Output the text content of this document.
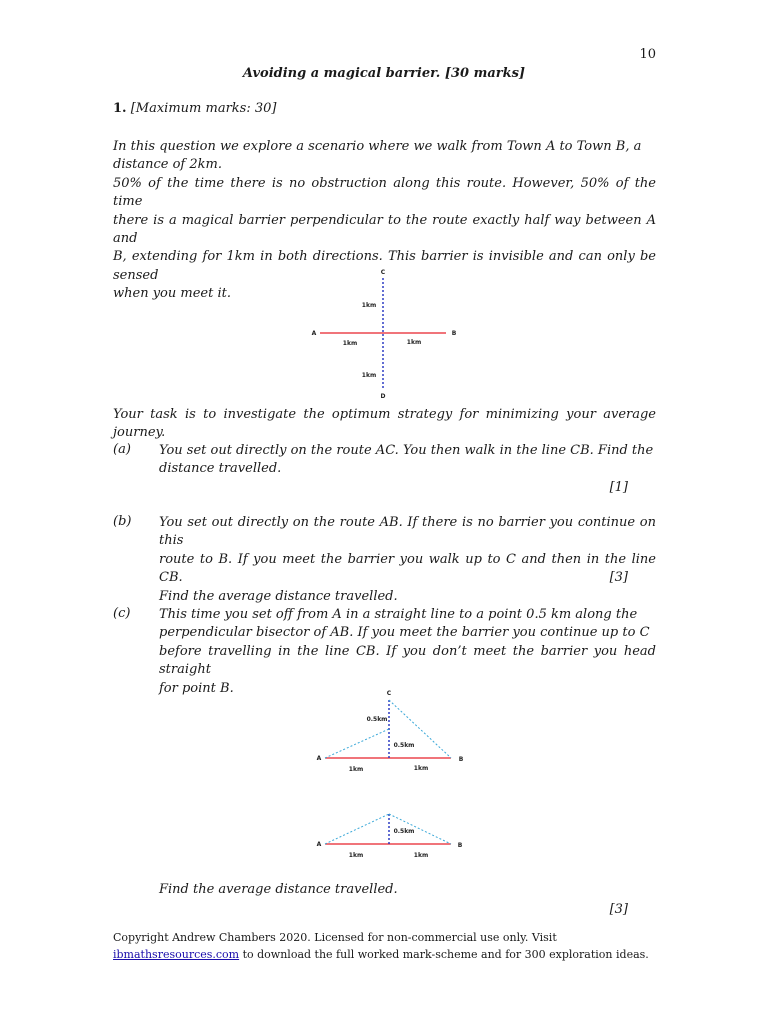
10
Avoiding a magical barrier. [30 marks]
1. [Maximum marks: 30]
In this question we explore a scenario where we walk from Town A to Town B, a
distance of 2km.
50% of the time there is no obstruction along this route. However, 50% of the time
there is a magical barrier perpendicular to the route exactly half way between A and
B, extending for 1km in both directions. This barrier is invisible and can only be sensed
when you meet it.
C
D
A	B
1km
1km
1km	1km
Your task is to investigate the optimum strategy for minimizing your average journey.
(a) You set out directly on the route AC. You then walk in the line CB. Find the
distance travelled.
[1]
(b) You set out directly on the route AB. If there is no barrier you continue on this
route to B. If you meet the barrier you walk up to C and then in the line CB.
Find the average distance travelled.
[3]
(c) This time you set off from A in a straight line to a point 0.5 km along the
perpendicular bisector of AB. If you meet the barrier you continue up to C
before travelling in the line CB. If you don’t meet the barrier you head straight
for point B.	C
A	B
0.5km
0.5km
1km	1km
A	B
0.5km
1km	1km
Find the average distance travelled.
[3]
Copyright Andrew Chambers 2020. Licensed for non-commercial use only. Visit
ibmathsresources.com to download the full worked mark-scheme and for 300 exploration ideas.
